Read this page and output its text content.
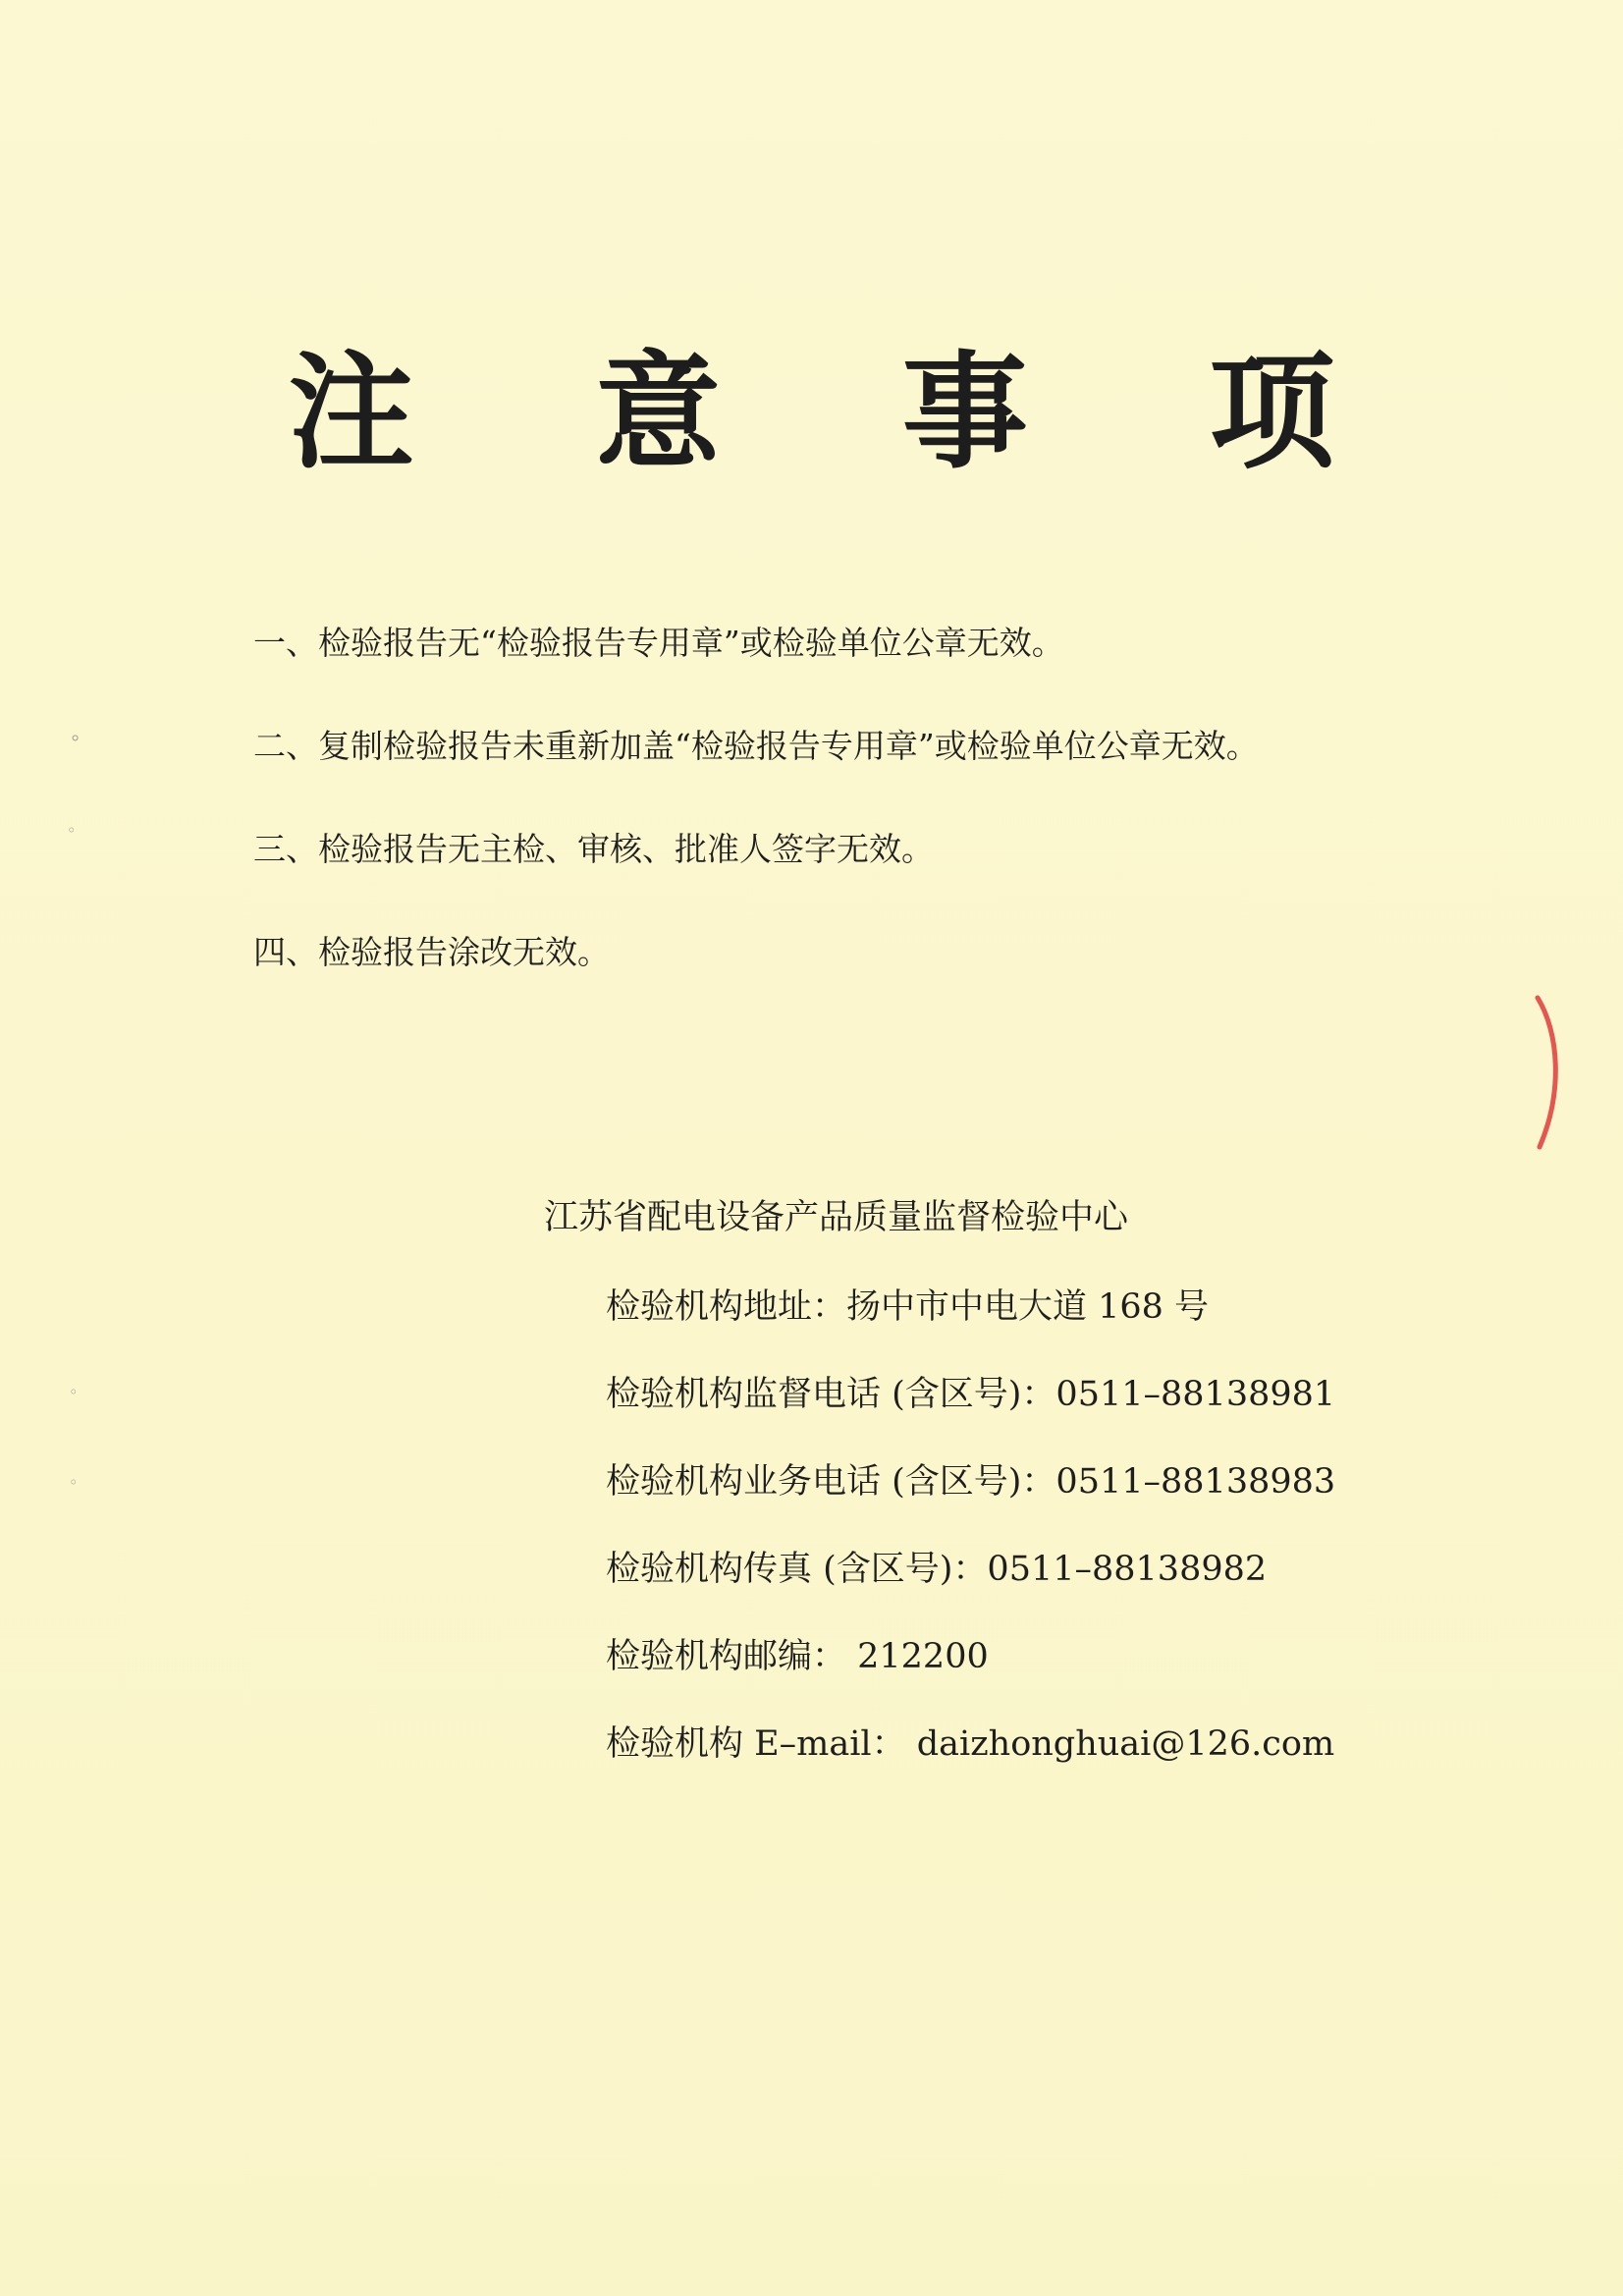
注 意 事 项
一、检验报告无“检验报告专用章”或检验单位公章无效。
二、复制检验报告未重新加盖“检验报告专用章”或检验单位公章无效。
三、检验报告无主检、审核、批准人签字无效。
四、检验报告涂改无效。
江苏省配电设备产品质量监督检验中心
检验机构地址：扬中市中电大道 168 号
检验机构监督电话 (含区号)：0511–88138981
检验机构业务电话 (含区号)：0511–88138983
检验机构传真 (含区号)：0511–88138982
检验机构邮编： 212200
检验机构 E–mail： daizhonghuai@126.com
⸰
◦
◦
◦
